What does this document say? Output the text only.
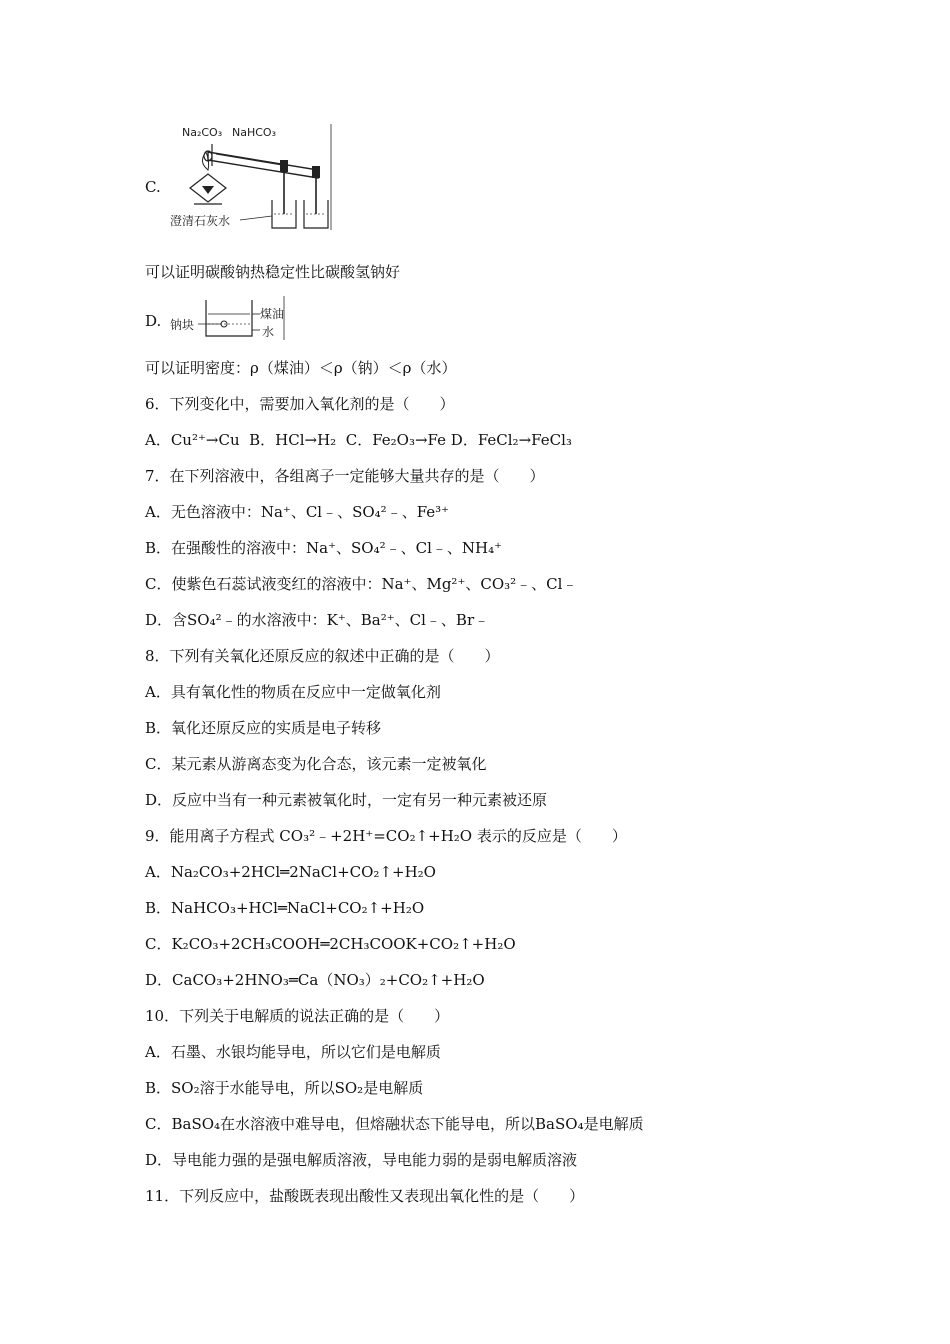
C.
Na₂CO₃ NaHCO₃
澄清石灰水
可以证明碳酸钠热稳定性比碳酸氢钠好
D. 钠块
煤油
水
可以证明密度：ρ（煤油）＜ρ（钠）＜ρ（水）
6．下列变化中，需要加入氧化剂的是（　　）
A．Cu²⁺→Cu  B．HCl→H₂  C．Fe₂O₃→Fe D．FeCl₂→FeCl₃
7．在下列溶液中，各组离子一定能够大量共存的是（　　）
A．无色溶液中：Na⁺、Cl﹣、SO₄²﹣、Fe³⁺
B．在强酸性的溶液中：Na⁺、SO₄²﹣、Cl﹣、NH₄⁺
C．使紫色石蕊试液变红的溶液中：Na⁺、Mg²⁺、CO₃²﹣、Cl﹣
D．含SO₄²﹣的水溶液中：K⁺、Ba²⁺、Cl﹣、Br﹣
8．下列有关氧化还原反应的叙述中正确的是（　　）
A．具有氧化性的物质在反应中一定做氧化剂
B．氧化还原反应的实质是电子转移
C．某元素从游离态变为化合态，该元素一定被氧化
D．反应中当有一种元素被氧化时，一定有另一种元素被还原
9．能用离子方程式 CO₃²﹣+2H⁺=CO₂↑+H₂O 表示的反应是（　　）
A．Na₂CO₃+2HCl═2NaCl+CO₂↑+H₂O
B．NaHCO₃+HCl═NaCl+CO₂↑+H₂O
C．K₂CO₃+2CH₃COOH═2CH₃COOK+CO₂↑+H₂O
D．CaCO₃+2HNO₃═Ca（NO₃）₂+CO₂↑+H₂O
10．下列关于电解质的说法正确的是（　　）
A．石墨、水银均能导电，所以它们是电解质
B．SO₂溶于水能导电，所以SO₂是电解质
C．BaSO₄在水溶液中难导电，但熔融状态下能导电，所以BaSO₄是电解质
D．导电能力强的是强电解质溶液，导电能力弱的是弱电解质溶液
11．下列反应中，盐酸既表现出酸性又表现出氧化性的是（　　）
